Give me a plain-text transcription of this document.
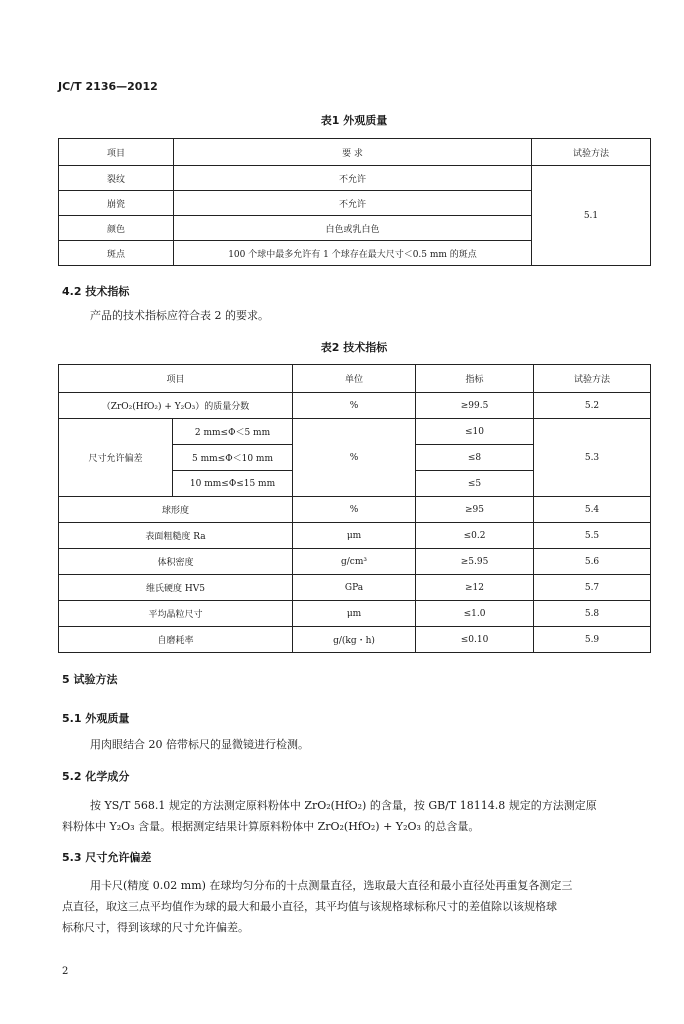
JC/T 2136—2012
表1 外观质量
项目	要 求	试验方法
裂纹	不允许	5.1
崩瓷	不允许	
颜色	白色或乳白色	
斑点	100 个球中最多允许有 1 个球存在最大尺寸＜0.5 mm 的斑点	
4.2 技术指标
产品的技术指标应符合表 2 的要求。
表2 技术指标
项目		单位	指标	试验方法
（ZrO₂(HfO₂) + Y₂O₃）的质量分数		%	≥99.5	5.2
尺寸允许偏差	2 mm≤Φ＜5 mm	%	≤10	5.3
	5 mm≤Φ＜10 mm		≤8	
	10 mm≤Φ≤15 mm		≤5	
球形度		%	≥95	5.4
表面粗糙度 Ra		μm	≤0.2	5.5
体积密度		g/cm³	≥5.95	5.6
维氏硬度 HV5		GPa	≥12	5.7
平均晶粒尺寸		μm	≤1.0	5.8
自磨耗率		g/(kg・h)	≤0.10	5.9
5 试验方法
5.1 外观质量
用肉眼结合 20 倍带标尺的显微镜进行检测。
5.2 化学成分
按 YS/T 568.1 规定的方法测定原料粉体中 ZrO₂(HfO₂) 的含量，按 GB/T 18114.8 规定的方法测定原
料粉体中 Y₂O₃ 含量。根据测定结果计算原料粉体中 ZrO₂(HfO₂) + Y₂O₃ 的总含量。
5.3 尺寸允许偏差
用卡尺(精度 0.02 mm) 在球均匀分布的十点测量直径，选取最大直径和最小直径处再重复各测定三
点直径，取这三点平均值作为球的最大和最小直径，其平均值与该规格球标称尺寸的差值除以该规格球
标称尺寸，得到该球的尺寸允许偏差。
2
